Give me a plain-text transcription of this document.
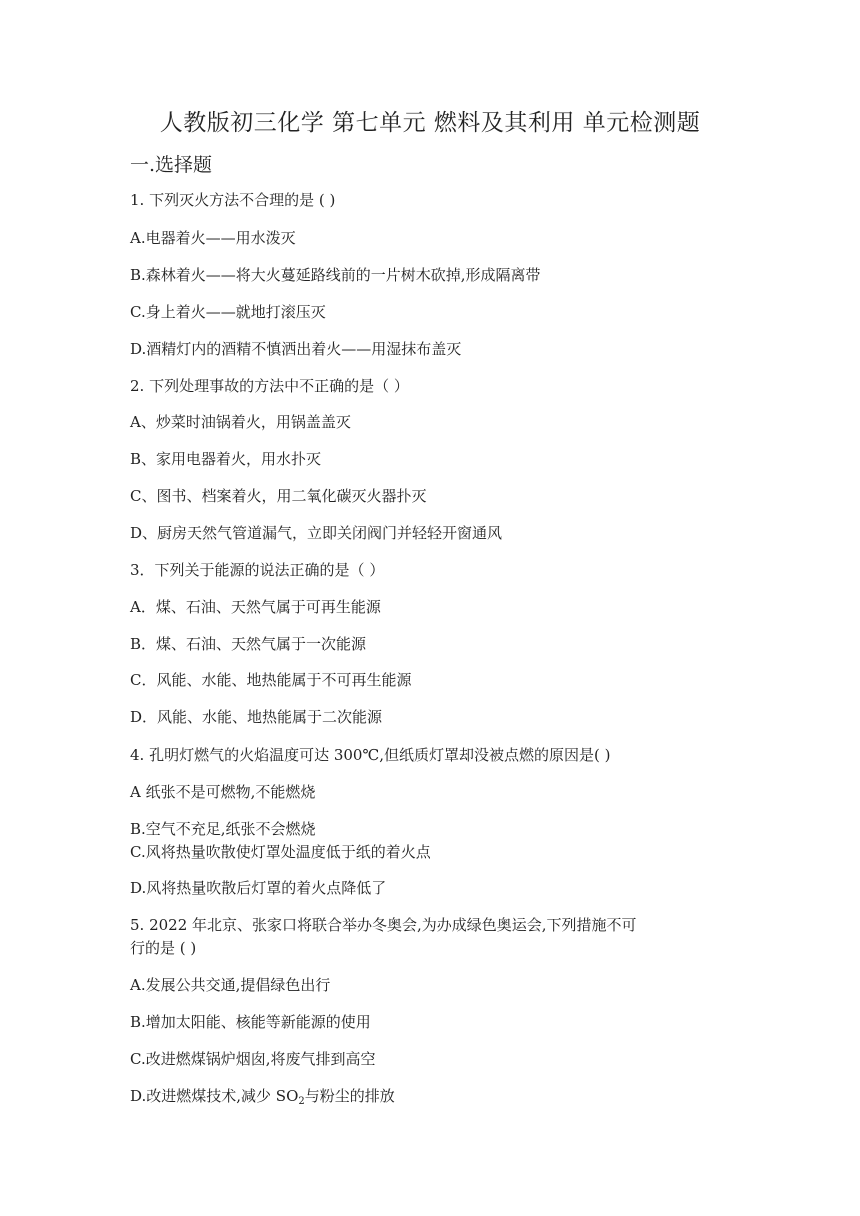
人教版初三化学 第七单元 燃料及其利用 单元检测题
一.选择题
1. 下列灭火方法不合理的是 ( )
A.电器着火——用水泼灭
B.森林着火——将大火蔓延路线前的一片树木砍掉,形成隔离带
C.身上着火——就地打滚压灭
D.酒精灯内的酒精不慎洒出着火——用湿抹布盖灭
2. 下列处理事故的方法中不正确的是（ ）
A、炒菜时油锅着火，用锅盖盖灭
B、家用电器着火，用水扑灭
C、图书、档案着火，用二氧化碳灭火器扑灭
D、厨房天然气管道漏气，立即关闭阀门并轻轻开窗通风
3．下列关于能源的说法正确的是（ ）
A．煤、石油、天然气属于可再生能源
B．煤、石油、天然气属于一次能源
C．风能、水能、地热能属于不可再生能源
D．风能、水能、地热能属于二次能源
4. 孔明灯燃气的火焰温度可达 300℃,但纸质灯罩却没被点燃的原因是( )
A 纸张不是可燃物,不能燃烧
B.空气不充足,纸张不会燃烧
C.风将热量吹散使灯罩处温度低于纸的着火点
D.风将热量吹散后灯罩的着火点降低了
5. 2022 年北京、张家口将联合举办冬奥会,为办成绿色奥运会,下列措施不可
行的是 ( )
A.发展公共交通,提倡绿色出行
B.增加太阳能、核能等新能源的使用
C.改进燃煤锅炉烟囱,将废气排到高空
D.改进燃煤技术,减少 $SO_2$与粉尘的排放
